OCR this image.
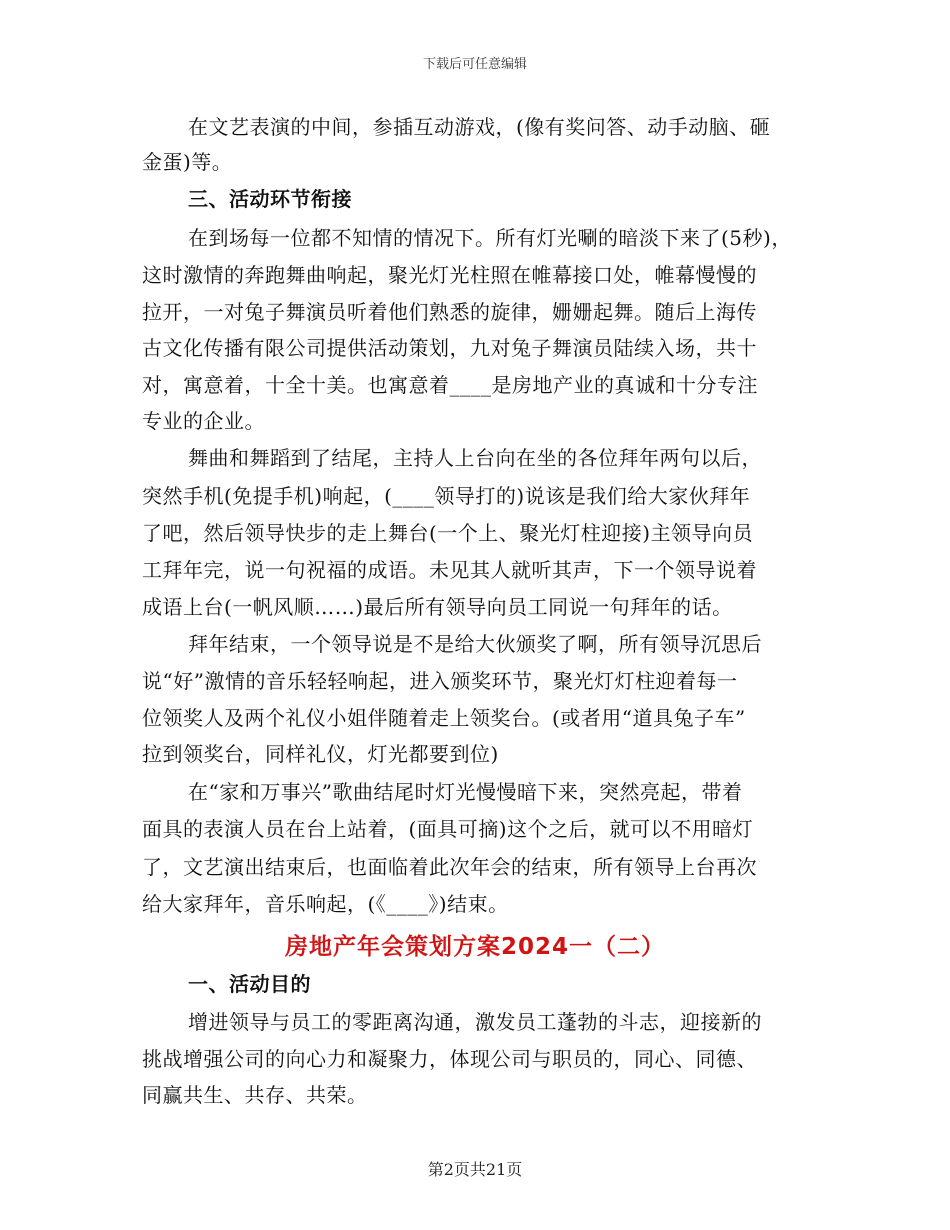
下载后可任意编辑
在文艺表演的中间，参插互动游戏，(像有奖问答、动手动脑、砸
金蛋)等。
三、活动环节衔接
在到场每一位都不知情的情况下。所有灯光唰的暗淡下来了(5秒)，
这时激情的奔跑舞曲响起，聚光灯光柱照在帷幕接口处，帷幕慢慢的
拉开，一对兔子舞演员听着他们熟悉的旋律，姗姗起舞。随后上海传
古文化传播有限公司提供活动策划，九对兔子舞演员陆续入场，共十
对，寓意着，十全十美。也寓意着____是房地产业的真诚和十分专注
专业的企业。
舞曲和舞蹈到了结尾，主持人上台向在坐的各位拜年两句以后，
突然手机(免提手机)响起，(____领导打的)说该是我们给大家伙拜年
了吧，然后领导快步的走上舞台(一个上、聚光灯柱迎接)主领导向员
工拜年完，说一句祝福的成语。未见其人就听其声，下一个领导说着
成语上台(一帆风顺……)最后所有领导向员工同说一句拜年的话。
拜年结束，一个领导说是不是给大伙颁奖了啊，所有领导沉思后
说“好”激情的音乐轻轻响起，进入颁奖环节，聚光灯灯柱迎着每一
位领奖人及两个礼仪小姐伴随着走上领奖台。(或者用“道具兔子车”
拉到领奖台，同样礼仪，灯光都要到位)
在“家和万事兴”歌曲结尾时灯光慢慢暗下来，突然亮起，带着
面具的表演人员在台上站着，(面具可摘)这个之后，就可以不用暗灯
了，文艺演出结束后，也面临着此次年会的结束，所有领导上台再次
给大家拜年，音乐响起，(《____》)结束。
房地产年会策划方案2024一（二）
一、活动目的
增进领导与员工的零距离沟通，激发员工蓬勃的斗志，迎接新的
挑战增强公司的向心力和凝聚力，体现公司与职员的，同心、同德、
同赢共生、共存、共荣。
第2页共21页
